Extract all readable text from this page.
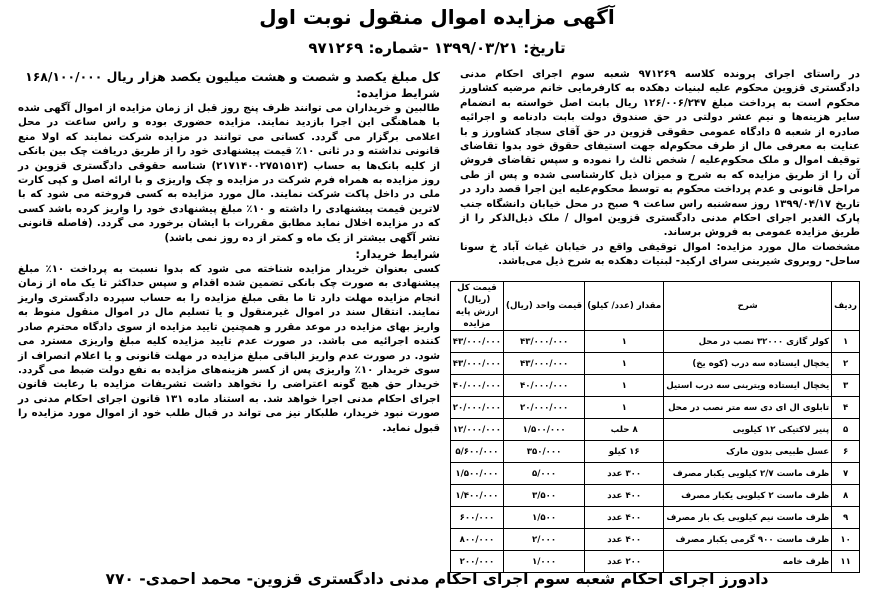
آگهی مزایده اموال منقول نوبت اول
تاریخ: ۱۳۹۹/۰۳/۲۱ -شماره: ۹۷۱۲۶۹

در راستای اجرای پرونده کلاسه ۹۷۱۲۶۹ شعبه سوم اجرای احکام مدنی دادگستری قزوین محکوم علیه لبنیات دهکده به کارفرمایی خانم مرضیه کشاورز محکوم است به پرداخت مبلغ ۱۲۶/۰۰۶/۲۴۷ ریال بابت اصل خواسته به انضمام سایر هزینه‌ها و نیم عشر دولتی در حق صندوق دولت بابت دادنامه و اجرائیه صادره از شعبه ۵ دادگاه عمومی حقوقی قزوین در حق آقای سجاد کشاورز و با عنایت به معرفی مال از طرف محکوم‌له جهت استیفای حقوق خود بدوا تقاضای توقیف اموال و ملک محکوم‌علیه / شخص ثالث را نموده و سپس تقاضای فروش آن را از طریق مزایده که به شرح و میزان ذیل کارشناسی شده و پس از طی مراحل قانونی و عدم پرداخت محکوم به توسط محکوم‌علیه این اجرا قصد دارد در تاریخ ۱۳۹۹/۰۴/۱۷ روز سه‌شنبه راس ساعت ۹ صبح در محل خیابان دانشگاه جنب پارک الغدیر اجرای احکام مدنی دادگستری قزوین اموال / ملک ذیل‌الذکر را از طریق مزایده عمومی به فروش برساند.

مشخصات مال مورد مزایده: اموال توقیفی واقع در خیابان غیاث آباد خ سونا ساحل- روبروی شیرینی سرای ارکید- لبنیات دهکده به شرح ذیل می‌باشد.

کل مبلغ یکصد و شصت و هشت میلیون یکصد هزار ریال ۱۶۸/۱۰۰/۰۰۰
شرایط مزایده:

طالبین و خریداران می توانند ظرف پنج روز قبل از زمان مزایده از اموال آگهی شده با هماهنگی این اجرا بازدید نمایند. مزایده حضوری بوده و راس ساعت در محل اعلامی برگزار می گردد. کسانی می توانند در مزایده شرکت نمایند که اولا منع قانونی نداشته و در ثانی ۱۰٪ قیمت پیشنهادی خود را از طریق دریافت چک بین بانکی از کلیه بانک‌ها به حساب (۲۱۷۱۴۰۰۲۷۵۱۵۱۳) شناسه حقوقی دادگستری قزوین در روز مزایده به همراه فرم شرکت در مزایده و چک واریزی و با ارائه اصل و کپی کارت ملی در داخل پاکت شرکت نمایند. مال مورد مزایده به کسی فروخته می شود که با لاترین قیمت پیشنهادی را داشته و ۱۰٪ مبلغ پیشنهادی خود را واریز کرده باشد کسی که در مزایده اخلال نماید مطابق مقررات با ایشان برخورد می گردد. (فاصله قانونی نشر آگهی بیشتر از یک ماه و کمتر از ده روز نمی باشد)

شرایط خریدار:

کسی بعنوان خریدار مزایده شناخته می شود که بدوا نسبت به پرداخت ۱۰٪ مبلغ پیشنهادی به صورت چک بانکی تضمین شده اقدام و سپس حداکثر تا یک ماه از زمان انجام مزایده مهلت دارد تا ما بقی مبلغ مزایده را به حساب سپرده دادگستری واریز نمایند. انتقال سند در اموال غیرمنقول و یا تسلیم مال در اموال منقول منوط به واریز بهای مزایده در موعد مقرر و همچنین تایید مزایده از سوی دادگاه محترم صادر کننده اجرائیه می باشد. در صورت عدم تایید مزایده کلیه مبلغ واریزی مسترد می شود. در صورت عدم واریز الباقی مبلغ مزایده در مهلت قانونی و یا اعلام انصراف از سوی خریدار ۱۰٪ واریزی پس از کسر هزینه‌های مزایده به نفع دولت ضبط می گردد. خریدار حق هیچ گونه اعتراضی را نخواهد داشت تشریفات مزایده با رعایت قانون اجرای احکام مدنی اجرا خواهد شد. به استناد ماده ۱۳۱ قانون اجرای احکام مدنی در صورت نبود خریدار، طلبکار نیز می تواند در قبال طلب خود از اموال مورد مزایده را قبول نماید.

ردیف	شرح	مقدار (عدد/ کیلو)	قیمت واحد (ریال)	قیمت کل (ریال) ارزش پایه مزایده
۱	کولر گازی ۳۲۰۰۰ نصب در محل	۱	۴۳/۰۰۰/۰۰۰	۴۳/۰۰۰/۰۰۰
۲	یخچال ایستاده سه درب (کوه یخ)	۱	۴۳/۰۰۰/۰۰۰	۴۳/۰۰۰/۰۰۰
۳	یخچال ایستاده ویترینی سه درب استیل	۱	۴۰/۰۰۰/۰۰۰	۴۰/۰۰۰/۰۰۰
۴	تابلوی ال ای دی سه متر نصب در محل	۱	۲۰/۰۰۰/۰۰۰	۲۰/۰۰۰/۰۰۰
۵	پنیر لاکتیکی ۱۲ کیلویی	۸ حلب	۱/۵۰۰/۰۰۰	۱۲/۰۰۰/۰۰۰
۶	عسل طبیعی بدون مارک	۱۶ کیلو	۳۵۰/۰۰۰	۵/۶۰۰/۰۰۰
۷	ظرف ماست ۲/۷ کیلویی یکبار مصرف	۳۰۰ عدد	۵/۰۰۰	۱/۵۰۰/۰۰۰
۸	ظرف ماست ۲ کیلویی یکبار مصرف	۴۰۰ عدد	۳/۵۰۰	۱/۴۰۰/۰۰۰
۹	ظرف ماست نیم کیلویی یک بار مصرف	۴۰۰ عدد	۱/۵۰۰	۶۰۰/۰۰۰
۱۰	ظرف ماست ۹۰۰ گرمی یکبار مصرف	۴۰۰ عدد	۲/۰۰۰	۸۰۰/۰۰۰
۱۱	ظرف خامه	۲۰۰ عدد	۱/۰۰۰	۲۰۰/۰۰۰
دادورز اجرای احکام شعبه سوم اجرای احکام مدنی دادگستری قزوین- محمد احمدی- ۷۷۰
